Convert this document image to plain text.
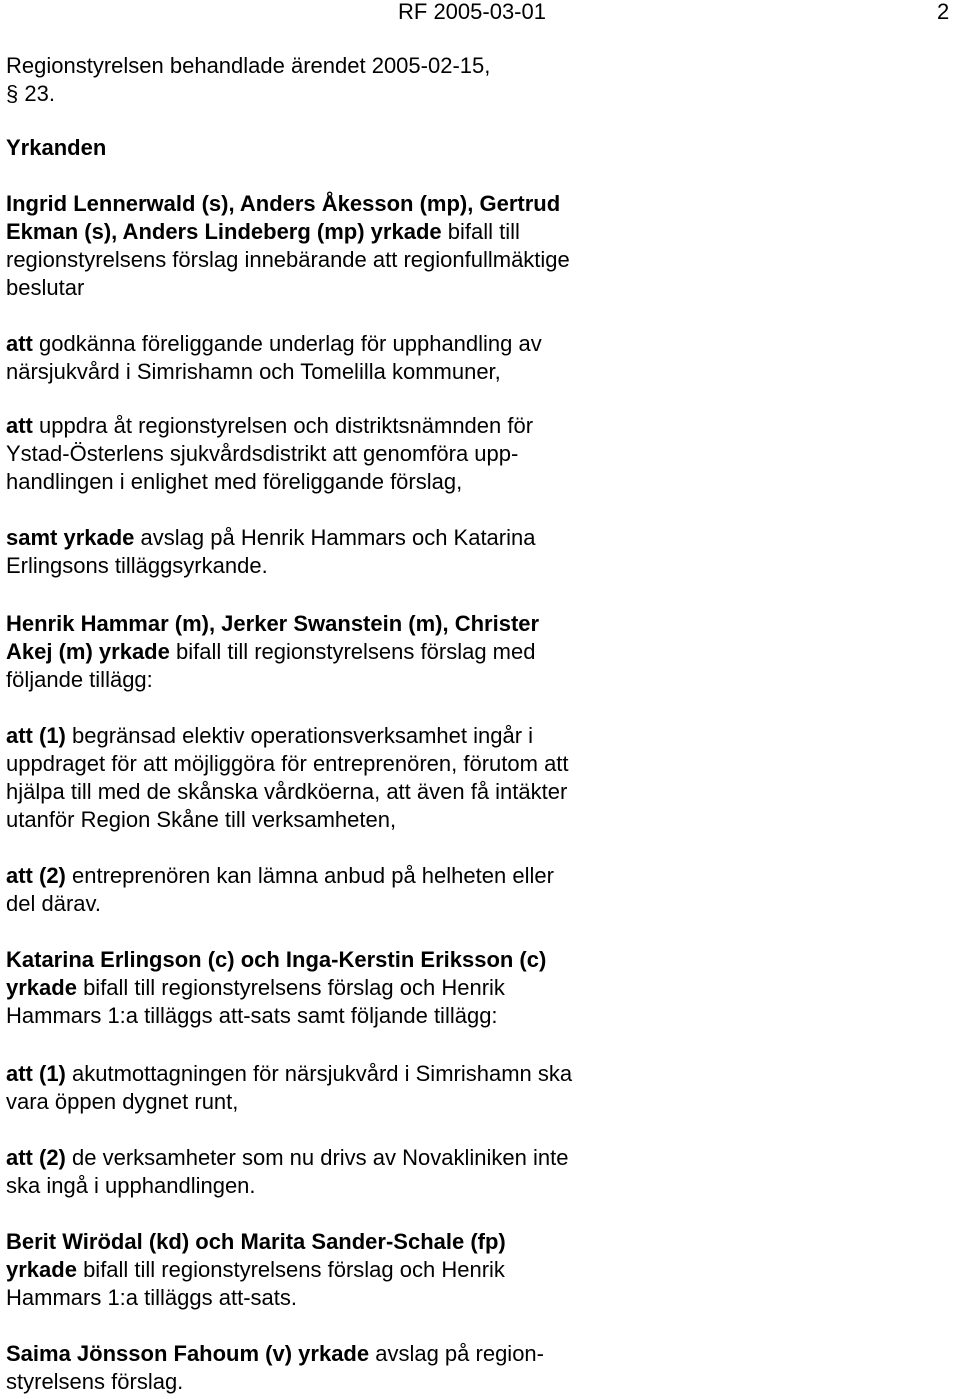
RF 2005-03-01	2
Regionstyrelsen behandlade ärendet 2005-02-15,
§ 23.
Yrkanden
Ingrid Lennerwald (s), Anders Åkesson (mp), Gertrud
Ekman (s), Anders Lindeberg (mp) yrkade bifall till
regionstyrelsens förslag innebärande att regionfullmäktige
beslutar
att godkänna föreliggande underlag för upphandling av
närsjukvård i Simrishamn och Tomelilla kommuner,
att uppdra åt regionstyrelsen och distriktsnämnden för
Ystad-Österlens sjukvårdsdistrikt att genomföra upp-
handlingen i enlighet med föreliggande förslag,
samt yrkade avslag på Henrik Hammars och Katarina
Erlingsons tilläggsyrkande.
Henrik Hammar (m), Jerker Swanstein (m), Christer
Akej (m) yrkade bifall till regionstyrelsens förslag med
följande tillägg:
att (1) begränsad elektiv operationsverksamhet ingår i
uppdraget för att möjliggöra för entreprenören, förutom att
hjälpa till med de skånska vårdköerna, att även få intäkter
utanför Region Skåne till verksamheten,
att (2) entreprenören kan lämna anbud på helheten eller
del därav.
Katarina Erlingson (c) och Inga-Kerstin Eriksson (c)
yrkade bifall till regionstyrelsens förslag och Henrik
Hammars 1:a tilläggs att-sats samt följande tillägg:
att (1) akutmottagningen för närsjukvård i Simrishamn ska
vara öppen dygnet runt,
att (2) de verksamheter som nu drivs av Novakliniken inte
ska ingå i upphandlingen.
Berit Wirödal (kd) och Marita Sander-Schale (fp)
yrkade bifall till regionstyrelsens förslag och Henrik
Hammars 1:a tilläggs att-sats.
Saima Jönsson Fahoum (v) yrkade avslag på region-
styrelsens förslag.
